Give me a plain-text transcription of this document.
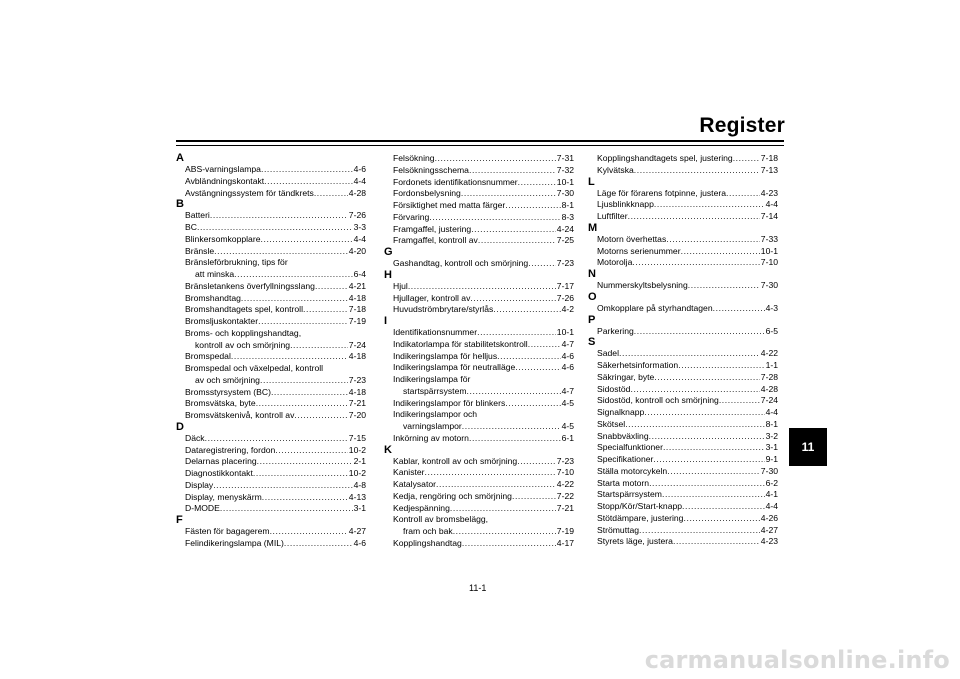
Register
A
ABS-varningslampa .....	4-6
Avbländningskontakt .....	4-4
Avstängningssystem för tändkrets .....	4-28
B
Batteri .....	7-26
BC .....	3-3
Blinkersomkopplare .....	4-4
Bränsle .....	4-20
Bränsleförbrukning, tips för
att minska .....	6-4
Bränsletankens överfyllningsslang .....	4-21
Bromshandtag .....	4-18
Bromshandtagets spel, kontroll .....	7-18
Bromsljuskontakter .....	7-19
Broms- och kopplingshandtag,
kontroll av och smörjning .....	7-24
Bromspedal .....	4-18
Bromspedal och växelpedal, kontroll
av och smörjning .....	7-23
Bromsstyrsystem (BC) .....	4-18
Bromsvätska, byte .....	7-21
Bromsvätskenivå, kontroll av .....	7-20
D
Däck .....	7-15
Dataregistrering, fordon .....	10-2
Delarnas placering .....	2-1
Diagnostikkontakt .....	10-2
Display .....	4-8
Display, menyskärm .....	4-13
D-MODE .....	3-1
F
Fästen för bagagerem .....	4-27
Felindikeringslampa (MIL) .....	4-6
Felsökning .....	7-31
Felsökningsschema .....	7-32
Fordonets identifikationsnummer .....	10-1
Fordonsbelysning .....	7-30
Försiktighet med matta färger .....	8-1
Förvaring .....	8-3
Framgaffel, justering .....	4-24
Framgaffel, kontroll av .....	7-25
G
Gashandtag, kontroll och smörjning .....	7-23
H
Hjul .....	7-17
Hjullager, kontroll av .....	7-26
Huvudströmbrytare/styrlås .....	4-2
I
Identifikationsnummer .....	10-1
Indikatorlampa för stabilitetskontroll .....	4-7
Indikeringslampa för helljus .....	4-6
Indikeringslampa för neutralläge .....	4-6
Indikeringslampa för
startspärrsystem .....	4-7
Indikeringslampor för blinkers .....	4-5
Indikeringslampor och
varningslampor .....	4-5
Inkörning av motorn .....	6-1
K
Kablar, kontroll av och smörjning .....	7-23
Kanister .....	7-10
Katalysator .....	4-22
Kedja, rengöring och smörjning .....	7-22
Kedjespänning .....	7-21
Kontroll av bromsbelägg,
fram och bak .....	7-19
Kopplingshandtag .....	4-17
Kopplingshandtagets spel, justering .....	7-18
Kylvätska .....	7-13
L
Läge för förarens fotpinne, justera .....	4-23
Ljusblinkknapp .....	4-4
Luftfilter .....	7-14
M
Motorn överhettas .....	7-33
Motorns serienummer .....	10-1
Motorolja .....	7-10
N
Nummerskyltsbelysning .....	7-30
O
Omkopplare på styrhandtagen .....	4-3
P
Parkering .....	6-5
S
Sadel .....	4-22
Säkerhetsinformation .....	1-1
Säkringar, byte .....	7-28
Sidostöd .....	4-28
Sidostöd, kontroll och smörjning .....	7-24
Signalknapp .....	4-4
Skötsel .....	8-1
Snabbväxling .....	3-2
Specialfunktioner .....	3-1
Specifikationer .....	9-1
Ställa motorcykeln .....	7-30
Starta motorn .....	6-2
Startspärrsystem .....	4-1
Stopp/Kör/Start-knapp .....	4-4
Stötdämpare, justering .....	4-26
Strömuttag .....	4-27
Styrets läge, justera .....	4-23
11
11-1
carmanualsonline.info
